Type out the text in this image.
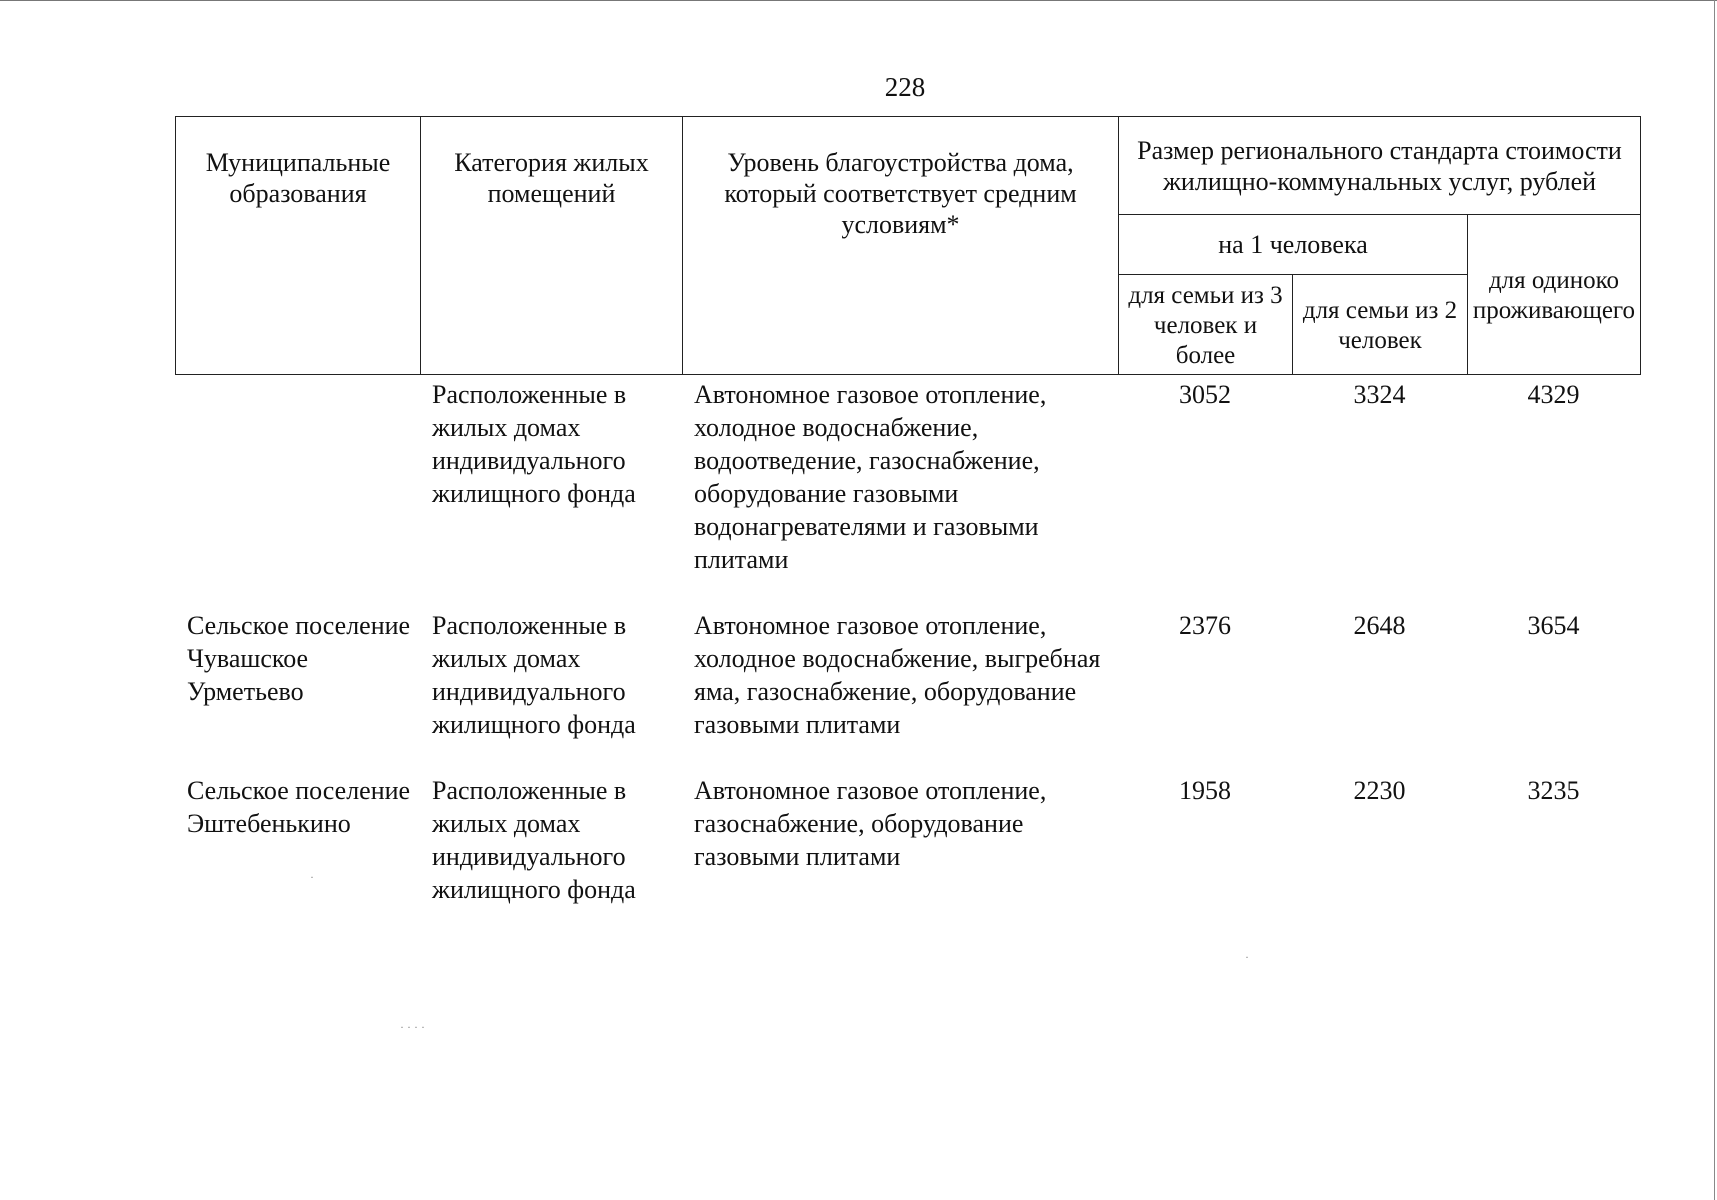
228
Муниципальные образования	Категория жилых помещений	Уровень благоустройства дома, который соответствует средним условиям*	Размер регионального стандарта стоимости жилищно-коммунальных услуг, рублей		
			на 1 человека		для одиноко проживающего
			для семьи из 3 человек и более	для семьи из 2 человек	
	Расположенные в жилых домах индивидуального жилищного фонда	Автономное газовое отопление, холодное водоснабжение, водоотведение, газоснабжение, оборудование газовыми водонагревателями и газовыми плитами	3052	3324	4329

Сельское поселение Чувашское Урметьево	Расположенные в жилых домах индивидуального жилищного фонда	Автономное газовое отопление, холодное водоснабжение, выгребная яма, газоснабжение, оборудование газовыми плитами	2376	2648	3654

Сельское поселение Эштебенькино	Расположенные в жилых домах индивидуального жилищного фонда	Автономное газовое отопление, газоснабжение, оборудование газовыми плитами	1958	2230	3235
· · · ·
·
·
